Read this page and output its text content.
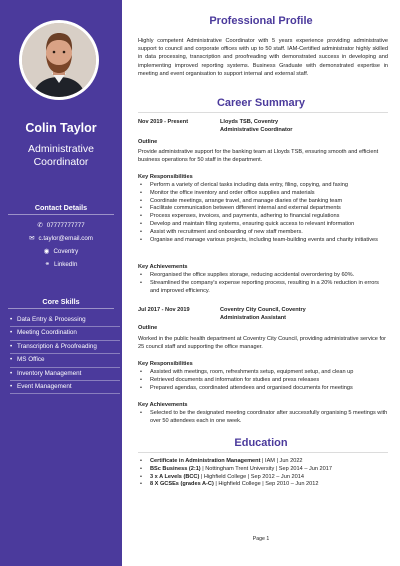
Colin Taylor
Administrative
Coordinator
Contact Details
✆ 07777777777
✉ c.taylor@email.com
◉ Coventry
⚭ LinkedIn
Core Skills
• Data Entry & Processing
• Meeting Coordination
• Transcription & Proofreading
• MS Office
• Inventory Management
• Event Management
Professional Profile

Highly competent Administrative Coordinator with 5 years experience providing administrative support to council and corporate offices with up to 50 staff. IAM-Certified administrator highly skilled in data processing, transcription and proofreading with demonstrated success in developing and implementing improved reporting systems. Business Graduate with demonstrated expertise in meeting and event organisation to support internal and external staff.

Career Summary
Nov 2019 - Present	Lloyds TSB, Coventry
Administrative Coordinator
Outline

Provide administrative support for the banking team at Lloyds TSB, ensuring smooth and efficient business operations for 50 staff in the department.

Key Responsibilities
• Perform a variety of clerical tasks including data entry, filing, copying, and faxing
• Monitor the office inventory and order office supplies and materials
• Coordinate meetings, arrange travel, and manage diaries of the banking team
• Facilitate communication between different internal and external departments
• Process expenses, invoices, and payments, adhering to financial regulations
• Develop and maintain filing systems, ensuring quick access to relevant information
• Assist with recruitment and onboarding of new staff members.
• Organise and manage various projects, including team-building events and charity initiatives
Key Achievements
• Reorganised the office supplies storage, reducing accidental overordering by 60%.
• Streamlined the company's expense reporting process, resulting in a 20% reduction in errors and improved efficiency.
Jul 2017 - Nov 2019	Coventry City Council, Coventry
Administration Assistant
Outline

Worked in the public health department at Coventry City Council, providing administrative service for 25 council staff and supporting the office manager.

Key Responsibilities
• Assisted with meetings, room, refreshments setup, equipment setup, and clean up
• Retrieved documents and information for studies and press releases
• Prepared agendas, coordinated attendees and organised documents for meetings
Key Achievements
• Selected to be the designated meeting coordinator after successfully organising 5 meetings with over 50 attendees each in one week.
Education
• Certificate in Administration Management | IAM | Jun 2022
• BSc Business (2:1) | Nottingham Trent University | Sep 2014 – Jun 2017
• 3 x A Levels (BCC) | Highfield College | Sep 2012 – Jun 2014
• 8 X GCSEs (grades A-C) | Highfield College | Sep 2010 – Jun 2012
Page 1
